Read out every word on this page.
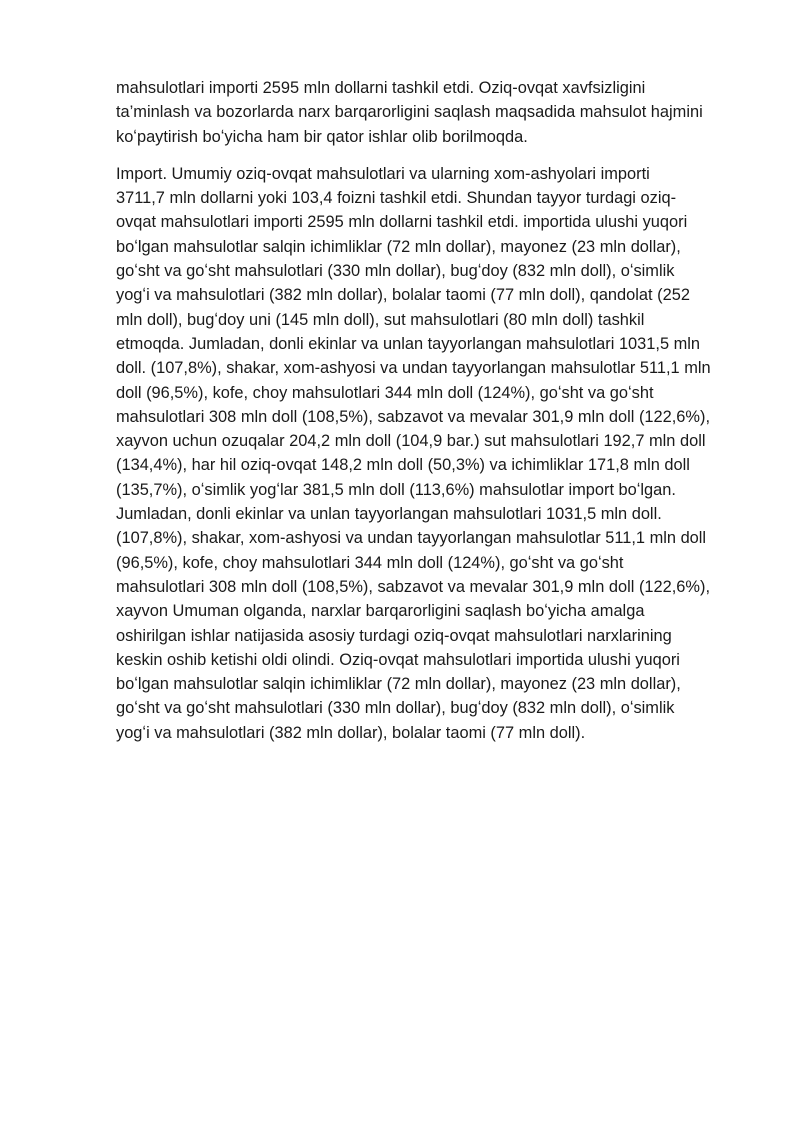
mahsulotlari importi 2595 mln dollarni tashkil etdi. Oziq-ovqat xavfsizligini
ta’minlash va bozorlarda narx barqarorligini saqlash maqsadida mahsulot hajmini
koʻpaytirish boʻyicha ham bir qator ishlar olib borilmoqda.

Import. Umumiy oziq-ovqat mahsulotlari va ularning xom-ashyolari importi
3711,7 mln dollarni yoki 103,4 foizni tashkil etdi. Shundan tayyor turdagi oziq-
ovqat mahsulotlari importi 2595 mln dollarni tashkil etdi. importida ulushi yuqori
boʻlgan mahsulotlar salqin ichimliklar (72 mln dollar), mayonez (23 mln dollar),
goʻsht va goʻsht mahsulotlari (330 mln dollar), bugʻdoy (832 mln doll), oʻsimlik
yogʻi va mahsulotlari (382 mln dollar), bolalar taomi (77 mln doll), qandolat (252
mln doll), bugʻdoy uni (145 mln doll), sut mahsulotlari (80 mln doll) tashkil
etmoqda. Jumladan, donli ekinlar va unlan tayyorlangan mahsulotlari 1031,5 mln
doll. (107,8%), shakar, xom-ashyosi va undan tayyorlangan mahsulotlar 511,1 mln
doll (96,5%), kofe, choy mahsulotlari 344 mln doll (124%), goʻsht va goʻsht
mahsulotlari 308 mln doll (108,5%), sabzavot va mevalar 301,9 mln doll (122,6%),
xayvon uchun ozuqalar 204,2 mln doll (104,9 bar.) sut mahsulotlari 192,7 mln doll
(134,4%), har hil oziq-ovqat 148,2 mln doll (50,3%) va ichimliklar 171,8 mln doll
(135,7%), oʻsimlik yogʻlar 381,5 mln doll (113,6%) mahsulotlar import boʻlgan.
Jumladan, donli ekinlar va unlan tayyorlangan mahsulotlari 1031,5 mln doll.
(107,8%), shakar, xom-ashyosi va undan tayyorlangan mahsulotlar 511,1 mln doll
(96,5%), kofe, choy mahsulotlari 344 mln doll (124%), goʻsht va goʻsht
mahsulotlari 308 mln doll (108,5%), sabzavot va mevalar 301,9 mln doll (122,6%),
xayvon Umuman olganda, narxlar barqarorligini saqlash boʻyicha amalga
oshirilgan ishlar natijasida asosiy turdagi oziq-ovqat mahsulotlari narxlarining
keskin oshib ketishi oldi olindi. Oziq-ovqat mahsulotlari importida ulushi yuqori
boʻlgan mahsulotlar salqin ichimliklar (72 mln dollar), mayonez (23 mln dollar),
goʻsht va goʻsht mahsulotlari (330 mln dollar), bugʻdoy (832 mln doll), oʻsimlik
yogʻi va mahsulotlari (382 mln dollar), bolalar taomi (77 mln doll).
